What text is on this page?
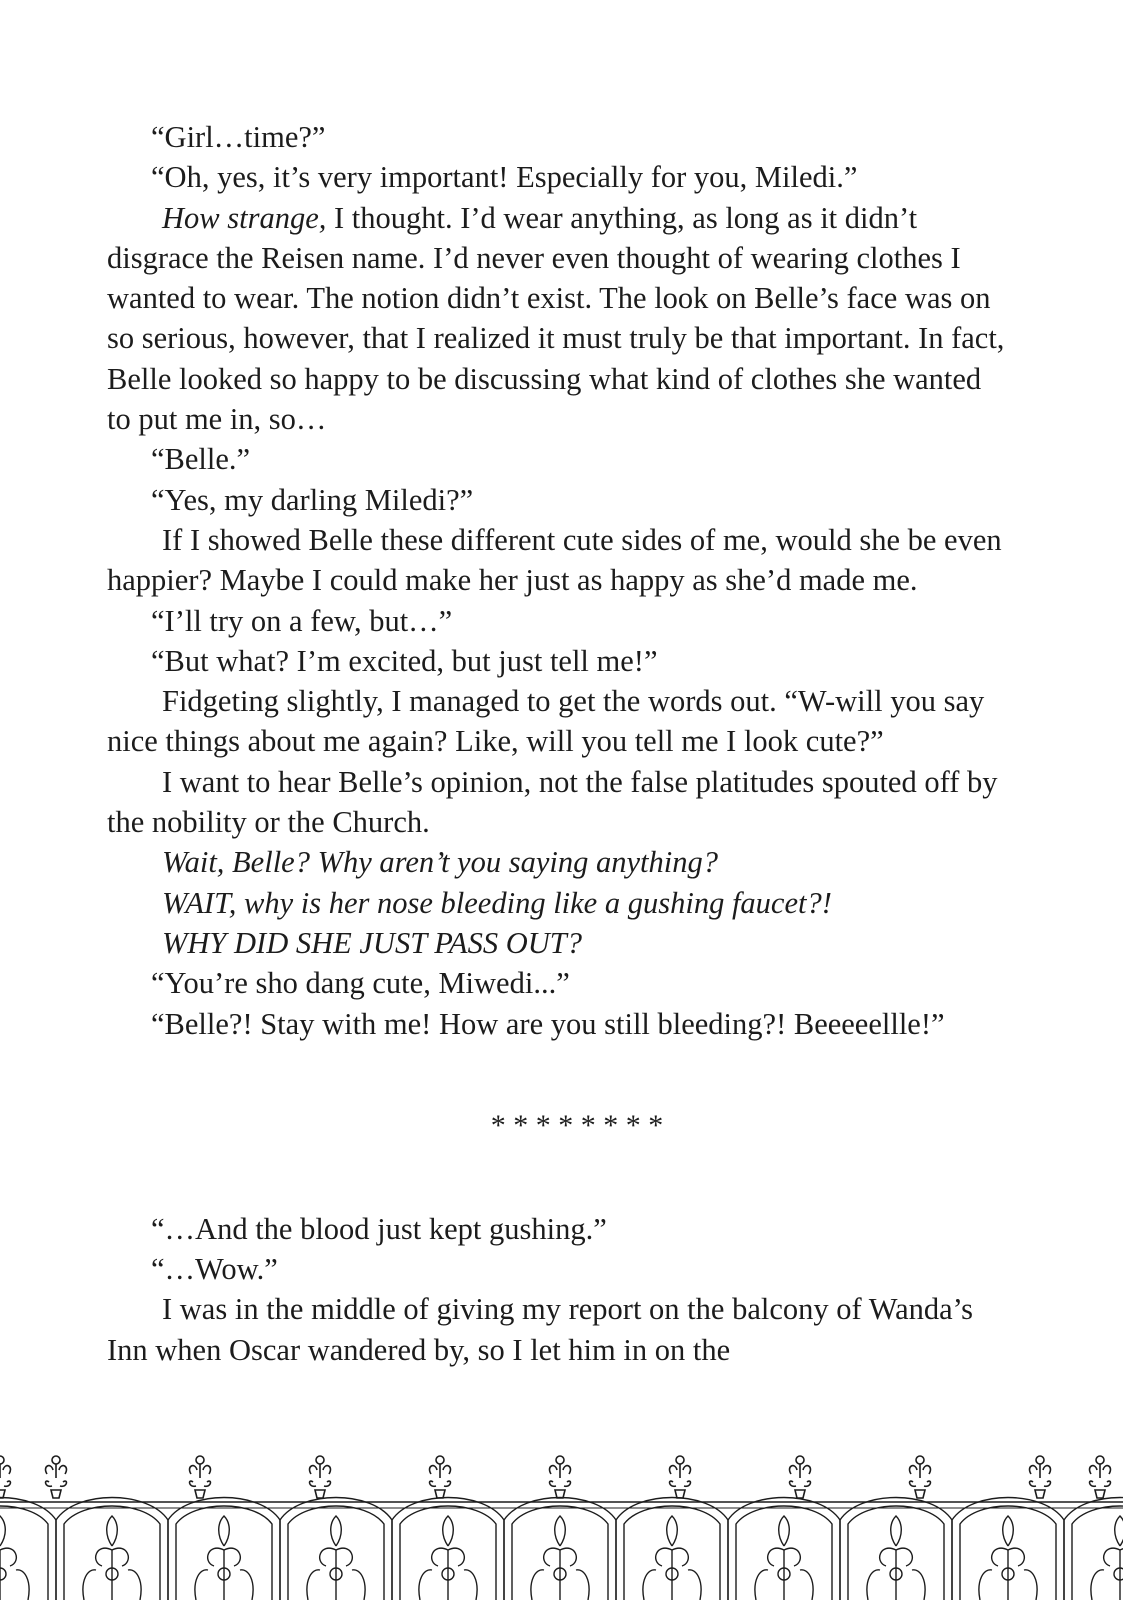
“Girl…time?”

“Oh, yes, it’s very important! Especially for you, Miledi.”

How strange, I thought. I’d wear anything, as long as it didn’t disgrace the Reisen name. I’d never even thought of wearing clothes I wanted to wear. The notion didn’t exist. The look on Belle’s face was on so serious, however, that I realized it must truly be that important. In fact, Belle looked so happy to be discussing what kind of clothes she wanted to put me in, so…

“Belle.”

“Yes, my darling Miledi?”

If I showed Belle these different cute sides of me, would she be even happier? Maybe I could make her just as happy as she’d made me.

“I’ll try on a few, but…”

“But what? I’m excited, but just tell me!”

Fidgeting slightly, I managed to get the words out. “W-will you say nice things about me again? Like, will you tell me I look cute?”

I want to hear Belle’s opinion, not the false platitudes spouted off by the nobility or the Church.

Wait, Belle? Why aren’t you saying anything?

WAIT, why is her nose bleeding like a gushing faucet?!

WHY DID SHE JUST PASS OUT?

“You’re sho dang cute, Miwedi...”

“Belle?! Stay with me! How are you still bleeding?! Beeeeellle!”

* * * * * * * *

“…And the blood just kept gushing.”

“…Wow.”

I was in the middle of giving my report on the balcony of Wanda’s Inn when Oscar wandered by, so I let him in on the
